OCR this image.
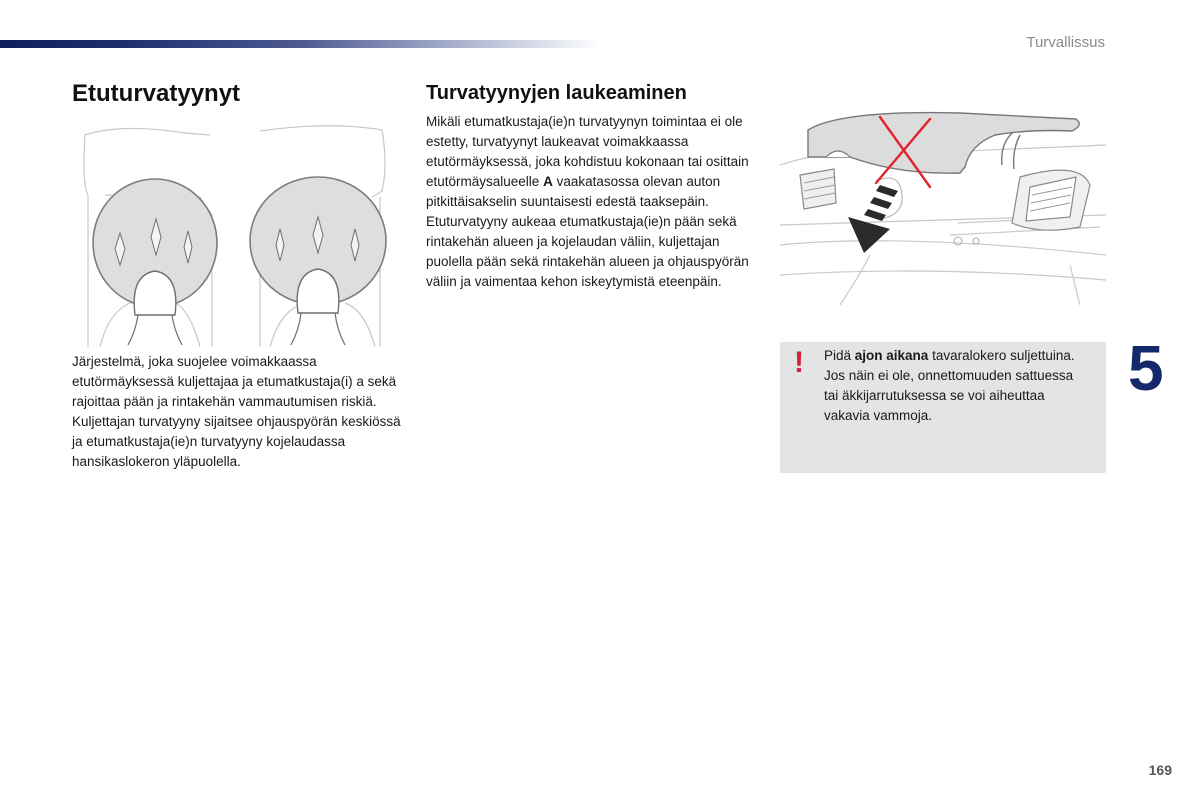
Turvallissus
Etuturvatyynyt

Järjestelmä, joka suojelee voimakkaassa etutörmäyksessä kuljettajaa ja etumatkustaja(i) a sekä rajoittaa pään ja rintakehän vammautumisen riskiä.

Kuljettajan turvatyyny sijaitsee ohjauspyörän keskiössä ja etumatkustaja(ie)n turvatyyny kojelaudassa hansikaslokeron yläpuolella.

Turvatyynyjen laukeaminen

Mikäli etumatkustaja(ie)n turvatyynyn toimintaa ei ole estetty, turvatyynyt laukeavat voimakkaassa etutörmäyksessä, joka kohdistuu kokonaan tai osittain etutörmäysalueelle A vaakatasossa olevan auton pitkittäisakselin suuntaisesti edestä taaksepäin.

Etuturvatyyny aukeaa etumatkustaja(ie)n pään sekä rintakehän alueen ja kojelaudan väliin, kuljettajan puolella pään sekä rintakehän alueen ja ohjauspyörän väliin ja vaimentaa kehon iskeytymistä eteenpäin.

! Pidä ajon aikana tavaralokero suljettuina. Jos näin ei ole, onnettomuuden sattuessa tai äkkijarrutuksessa se voi aiheuttaa vakavia vammoja.
5
169
